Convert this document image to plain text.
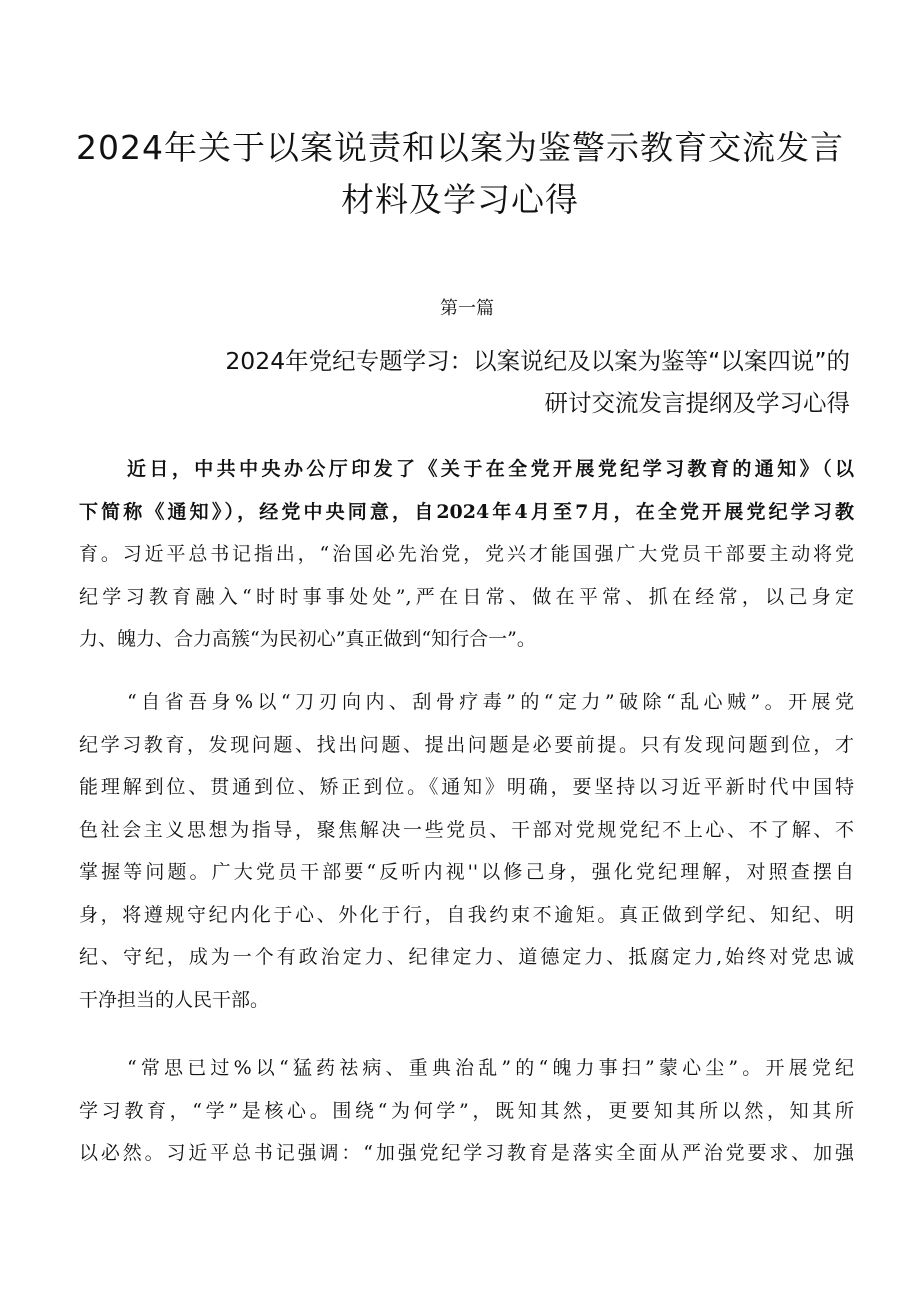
2024年关于以案说责和以案为鉴警示教育交流发言
材料及学习心得
第一篇
2024年党纪专题学习：以案说纪及以案为鉴等“以案四说”的
研讨交流发言提纲及学习心得
近日，中共中央办公厅印发了《关于在全党开展党纪学习教育的通知》（以
下简称《通知》），经党中央同意，自2024年4月至7月，在全党开展党纪学习教
育。习近平总书记指出，“治国必先治党，党兴才能国强广大党员干部要主动将党
纪学习教育融入“时时事事处处”,严在日常、做在平常、抓在经常，以己身定
力、魄力、合力高簇“为民初心”真正做到“知行合一”。
“自省吾身%以“刀刃向内、刮骨疗毒”的“定力”破除“乱心贼”。开展党
纪学习教育，发现问题、找出问题、提出问题是必要前提。只有发现问题到位，才
能理解到位、贯通到位、矫正到位。《通知》明确，要坚持以习近平新时代中国特
色社会主义思想为指导，聚焦解决一些党员、干部对党规党纪不上心、不了解、不
掌握等问题。广大党员干部要“反听内视''以修己身，强化党纪理解，对照查摆自
身，将遵规守纪内化于心、外化于行，自我约束不逾矩。真正做到学纪、知纪、明
纪、守纪，成为一个有政治定力、纪律定力、道德定力、抵腐定力,始终对党忠诚
干净担当的人民干部。
“常思已过%以“猛药祛病、重典治乱”的“魄力事扫”蒙心尘”。开展党纪
学习教育，“学”是核心。围绕“为何学”，既知其然，更要知其所以然，知其所
以必然。习近平总书记强调：“加强党纪学习教育是落实全面从严治党要求、加强
